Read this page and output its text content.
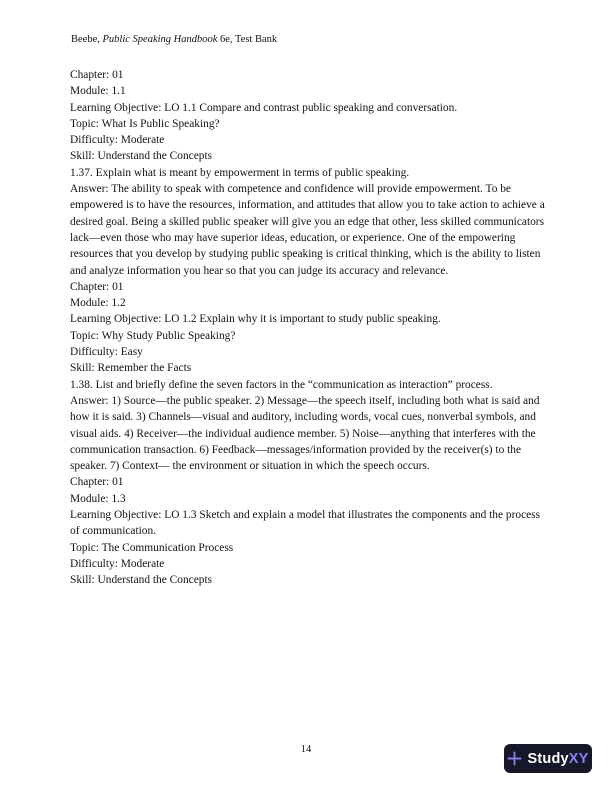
Beebe, Public Speaking Handbook 6e, Test Bank
Chapter: 01
Module: 1.1
Learning Objective: LO 1.1 Compare and contrast public speaking and conversation.
Topic: What Is Public Speaking?
Difficulty: Moderate
Skill: Understand the Concepts

1.37. Explain what is meant by empowerment in terms of public speaking.

Answer: The ability to speak with competence and confidence will provide empowerment. To be empowered is to have the resources, information, and attitudes that allow you to take action to achieve a desired goal. Being a skilled public speaker will give you an edge that other, less skilled communicators lack—even those who may have superior ideas, education, or experience. One of the empowering resources that you develop by studying public speaking is critical thinking, which is the ability to listen and analyze information you hear so that you can judge its accuracy and relevance.

Chapter: 01
Module: 1.2
Learning Objective: LO 1.2 Explain why it is important to study public speaking.
Topic: Why Study Public Speaking?
Difficulty: Easy
Skill: Remember the Facts

1.38. List and briefly define the seven factors in the “communication as interaction” process.

Answer: 1) Source—the public speaker. 2) Message—the speech itself, including both what is said and how it is said. 3) Channels—visual and auditory, including words, vocal cues, nonverbal symbols, and visual aids. 4) Receiver—the individual audience member. 5) Noise—anything that interferes with the communication transaction. 6) Feedback—messages/information provided by the receiver(s) to the speaker. 7) Context— the environment or situation in which the speech occurs.

Chapter: 01
Module: 1.3
Learning Objective: LO 1.3 Sketch and explain a model that illustrates the components and the process of communication.
Topic: The Communication Process
Difficulty: Moderate
Skill: Understand the Concepts
14
StudyXY
